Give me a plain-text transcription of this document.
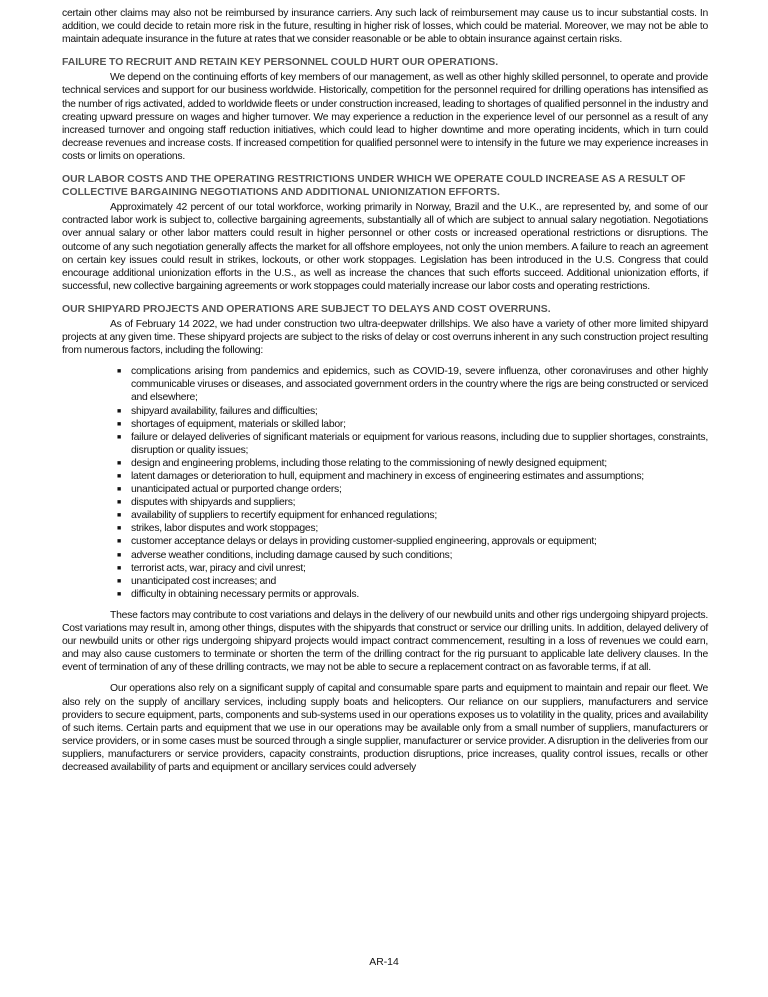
certain other claims may also not be reimbursed by insurance carriers. Any such lack of reimbursement may cause us to incur substantial costs. In addition, we could decide to retain more risk in the future, resulting in higher risk of losses, which could be material. Moreover, we may not be able to maintain adequate insurance in the future at rates that we consider reasonable or be able to obtain insurance against certain risks.

FAILURE TO RECRUIT AND RETAIN KEY PERSONNEL COULD HURT OUR OPERATIONS.

We depend on the continuing efforts of key members of our management, as well as other highly skilled personnel, to operate and provide technical services and support for our business worldwide. Historically, competition for the personnel required for drilling operations has intensified as the number of rigs activated, added to worldwide fleets or under construction increased, leading to shortages of qualified personnel in the industry and creating upward pressure on wages and higher turnover. We may experience a reduction in the experience level of our personnel as a result of any increased turnover and ongoing staff reduction initiatives, which could lead to higher downtime and more operating incidents, which in turn could decrease revenues and increase costs. If increased competition for qualified personnel were to intensify in the future we may experience increases in costs or limits on operations.

OUR LABOR COSTS AND THE OPERATING RESTRICTIONS UNDER WHICH WE OPERATE COULD INCREASE AS A RESULT OF COLLECTIVE BARGAINING NEGOTIATIONS AND ADDITIONAL UNIONIZATION EFFORTS.

Approximately 42 percent of our total workforce, working primarily in Norway, Brazil and the U.K., are represented by, and some of our contracted labor work is subject to, collective bargaining agreements, substantially all of which are subject to annual salary negotiation. Negotiations over annual salary or other labor matters could result in higher personnel or other costs or increased operational restrictions or disruptions. The outcome of any such negotiation generally affects the market for all offshore employees, not only the union members. A failure to reach an agreement on certain key issues could result in strikes, lockouts, or other work stoppages. Legislation has been introduced in the U.S. Congress that could encourage additional unionization efforts in the U.S., as well as increase the chances that such efforts succeed. Additional unionization efforts, if successful, new collective bargaining agreements or work stoppages could materially increase our labor costs and operating restrictions.

OUR SHIPYARD PROJECTS AND OPERATIONS ARE SUBJECT TO DELAYS AND COST OVERRUNS.

As of February 14 2022, we had under construction two ultra-deepwater drillships. We also have a variety of other more limited shipyard projects at any given time. These shipyard projects are subject to the risks of delay or cost overruns inherent in any such construction project resulting from numerous factors, including the following:

■ complications arising from pandemics and epidemics, such as COVID-19, severe influenza, other coronaviruses and other highly communicable viruses or diseases, and associated government orders in the country where the rigs are being constructed or serviced and elsewhere;
■ shipyard availability, failures and difficulties;
■ shortages of equipment, materials or skilled labor;
■ failure or delayed deliveries of significant materials or equipment for various reasons, including due to supplier shortages, constraints, disruption or quality issues;
■ design and engineering problems, including those relating to the commissioning of newly designed equipment;
■ latent damages or deterioration to hull, equipment and machinery in excess of engineering estimates and assumptions;
■ unanticipated actual or purported change orders;
■ disputes with shipyards and suppliers;
■ availability of suppliers to recertify equipment for enhanced regulations;
■ strikes, labor disputes and work stoppages;
■ customer acceptance delays or delays in providing customer-supplied engineering, approvals or equipment;
■ adverse weather conditions, including damage caused by such conditions;
■ terrorist acts, war, piracy and civil unrest;
■ unanticipated cost increases; and
■ difficulty in obtaining necessary permits or approvals.

These factors may contribute to cost variations and delays in the delivery of our newbuild units and other rigs undergoing shipyard projects. Cost variations may result in, among other things, disputes with the shipyards that construct or service our drilling units. In addition, delayed delivery of our newbuild units or other rigs undergoing shipyard projects would impact contract commencement, resulting in a loss of revenues we could earn, and may also cause customers to terminate or shorten the term of the drilling contract for the rig pursuant to applicable late delivery clauses. In the event of termination of any of these drilling contracts, we may not be able to secure a replacement contract on as favorable terms, if at all.

Our operations also rely on a significant supply of capital and consumable spare parts and equipment to maintain and repair our fleet. We also rely on the supply of ancillary services, including supply boats and helicopters. Our reliance on our suppliers, manufacturers and service providers to secure equipment, parts, components and sub-systems used in our operations exposes us to volatility in the quality, prices and availability of such items. Certain parts and equipment that we use in our operations may be available only from a small number of suppliers, manufacturers or service providers, or in some cases must be sourced through a single supplier, manufacturer or service provider. A disruption in the deliveries from our suppliers, manufacturers or service providers, capacity constraints, production disruptions, price increases, quality control issues, recalls or other decreased availability of parts and equipment or ancillary services could adversely

AR-14
